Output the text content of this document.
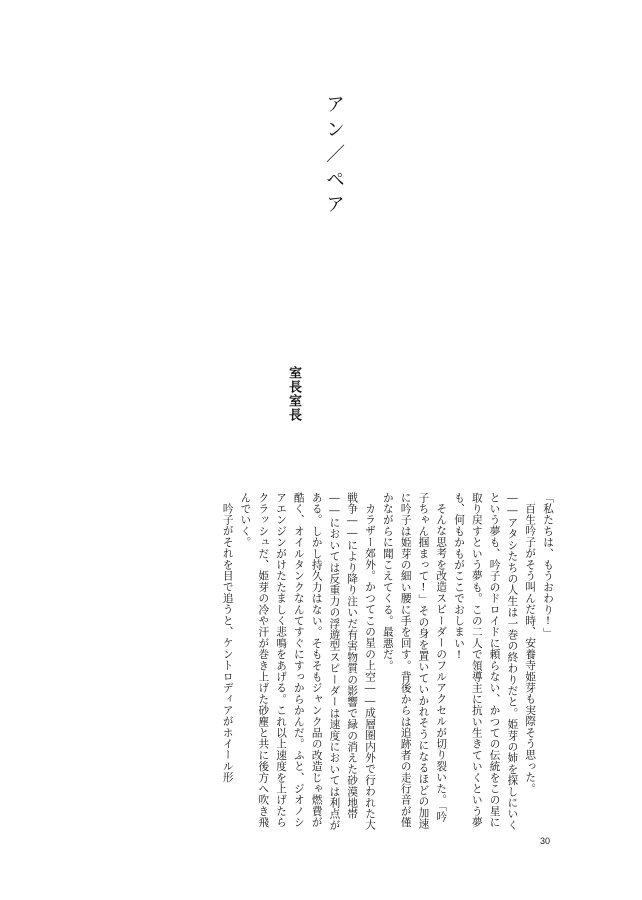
アン／ペア
室長室長

「私たちは、もうおわり!」

百生吟子がそう叫んだ時、安養寺姫芽も実際そう思った。

――アタシたちの人生は一巻の終わりだと。姫芽の姉を探しにいくという夢も、吟子のドロイドに頼らない、かつての伝統をこの星に取り戻すという夢も。この二人で領導主に抗い生きていくという夢も、何もかもがここでおしまい!

そんな思考を改造スピーダーのフルアクセルが切り裂いた。「吟子ちゃん掴まって!」その身を置いていかれそうになるほどの加速に吟子は姫芽の細い腰に手を回す。背後からは追跡者の走行音が僅かながらに聞こえてくる。最悪だ。

カラザー郊外。かつてこの星の上空――成層圏内外で行われた大戦争――により降り注いだ有害物質の影響で緑の消えた砂漠地帯――においては反重力の浮遊型スピーダーは速度においては利点がある。しかし持久力はない。そもそもジャンク品の改造じゃ燃費が酷く、オイルタンクなんてすぐにすっからかんだ。ふと、ジオノシアエンジンがけたたましく悲鳴をあげる。これ以上速度を上げたらクラッシュだ、姫芽の冷や汗が巻き上げた砂塵と共に後方へ吹き飛んでいく。

吟子がそれを目で追うと、ケントロディアがホイール形

30
